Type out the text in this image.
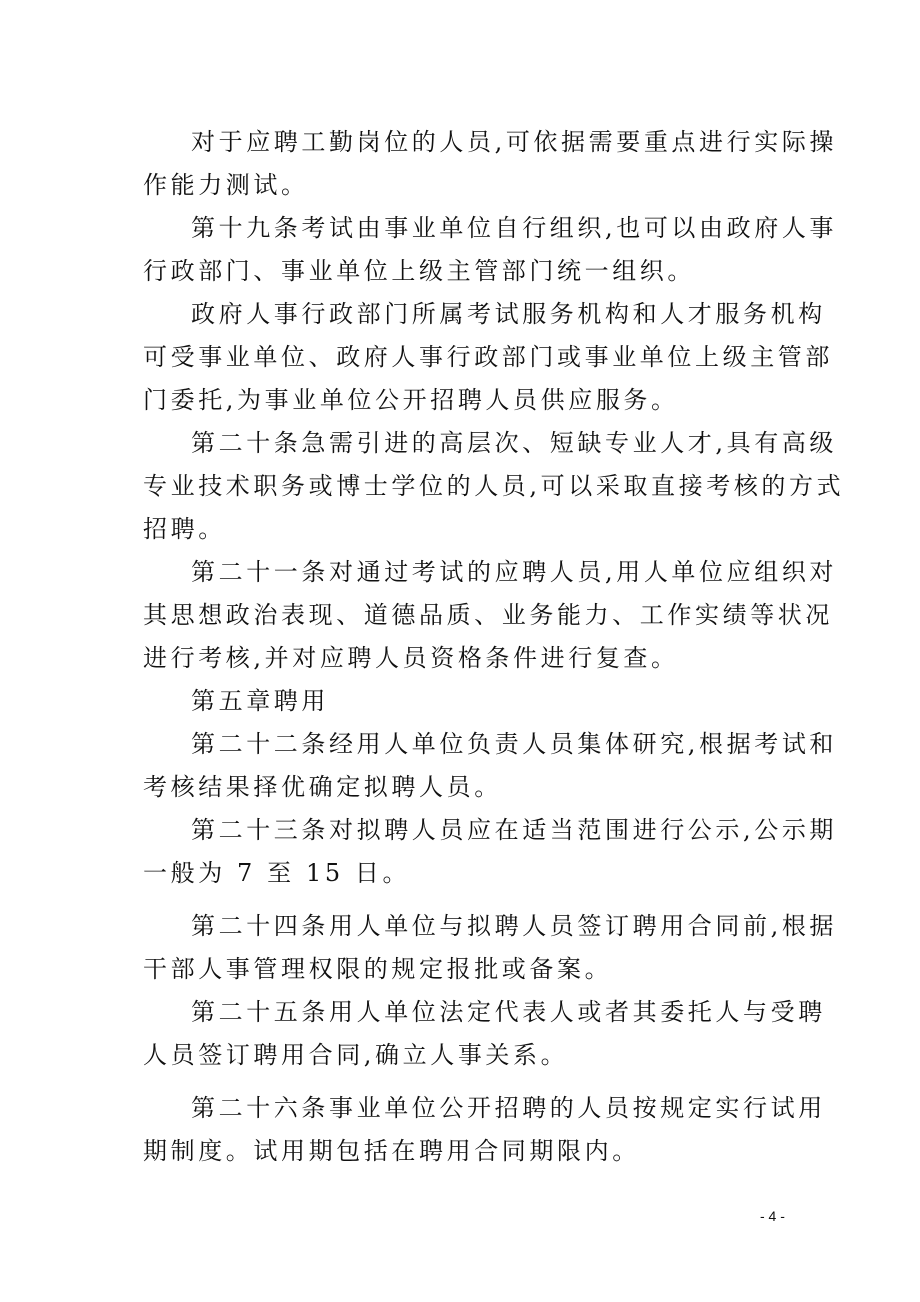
对于应聘工勤岗位的人员,可依据需要重点进行实际操
作能力测试。
第十九条考试由事业单位自行组织,也可以由政府人事
行政部门、事业单位上级主管部门统一组织。
政府人事行政部门所属考试服务机构和人才服务机构
可受事业单位、政府人事行政部门或事业单位上级主管部
门委托,为事业单位公开招聘人员供应服务。
第二十条急需引进的高层次、短缺专业人才,具有高级
专业技术职务或博士学位的人员,可以采取直接考核的方式
招聘。
第二十一条对通过考试的应聘人员,用人单位应组织对
其思想政治表现、道德品质、业务能力、工作实绩等状况
进行考核,并对应聘人员资格条件进行复查。
第五章聘用
第二十二条经用人单位负责人员集体研究,根据考试和
考核结果择优确定拟聘人员。
第二十三条对拟聘人员应在适当范围进行公示,公示期
一般为 7 至 15 日。
第二十四条用人单位与拟聘人员签订聘用合同前,根据
干部人事管理权限的规定报批或备案。
第二十五条用人单位法定代表人或者其委托人与受聘
人员签订聘用合同,确立人事关系。
第二十六条事业单位公开招聘的人员按规定实行试用
期制度。试用期包括在聘用合同期限内。
- 4 -
